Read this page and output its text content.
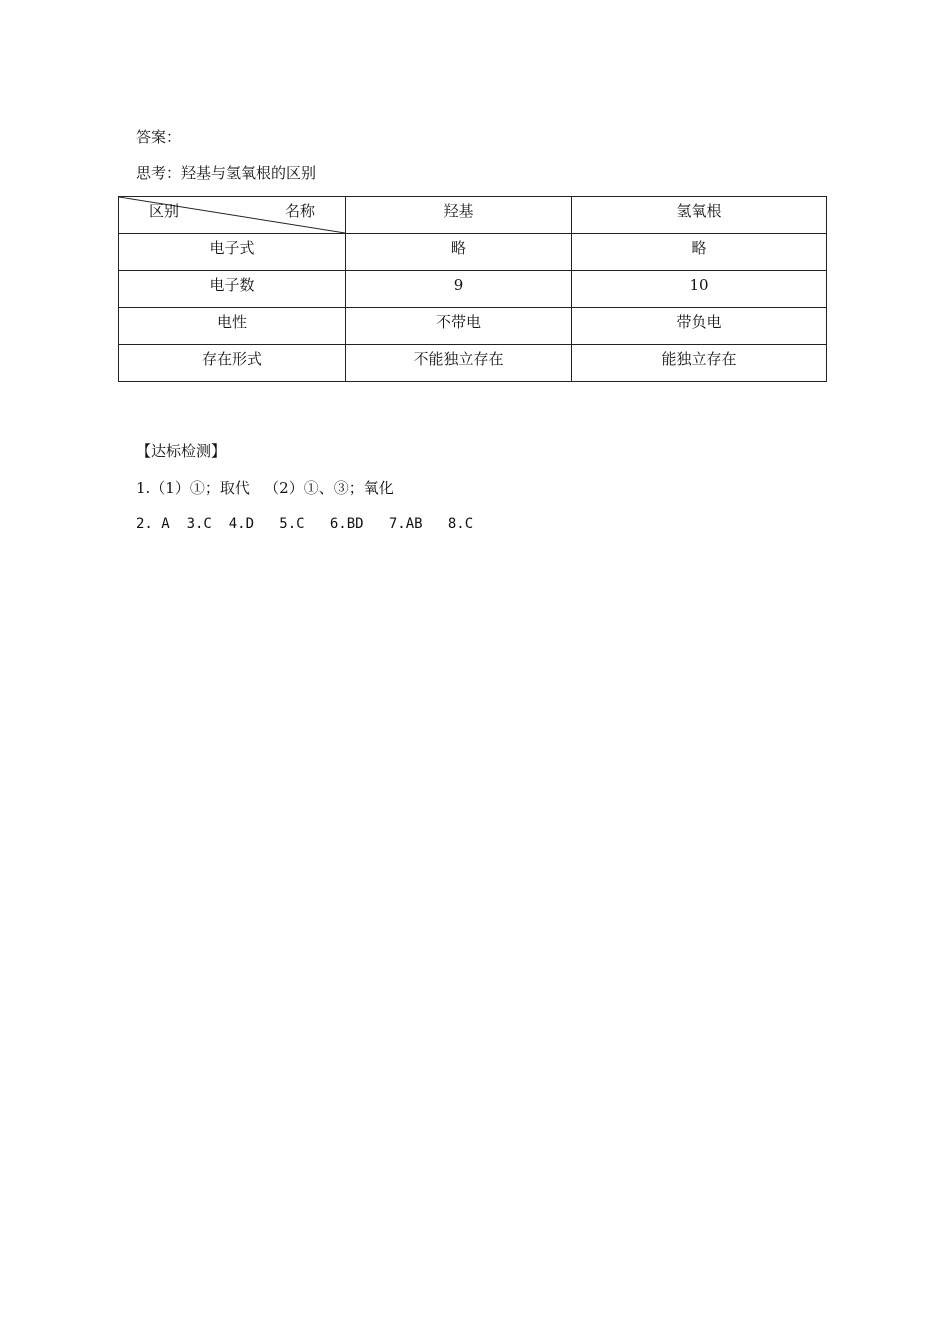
答案：
思考：羟基与氢氧根的区别
区别 名称	羟基	氢氧根
电子式	略	略
电子数	9	10
电性	不带电	带负电
存在形式	不能独立存在	能独立存在
【达标检测】
1.（1）①；取代   （2）①、③；氧化
2. A  3.C  4.D   5.C   6.BD   7.AB   8.C
